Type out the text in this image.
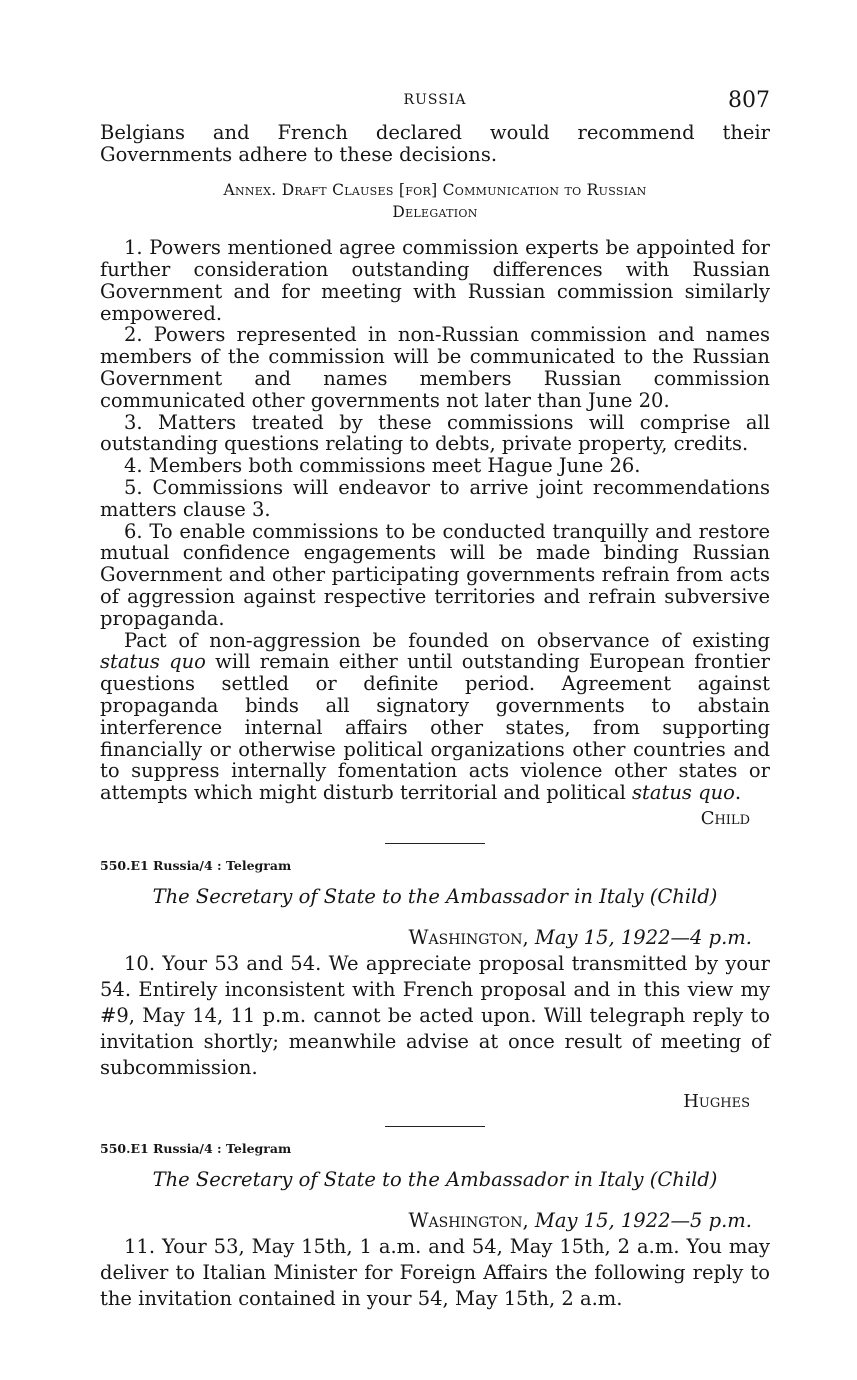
RUSSIA	807

Belgians and French declared would recommend their Governments adhere to these decisions.

Annex. Draft Clauses [for] Communication to Russian
Delegation

1. Powers mentioned agree commission experts be appointed for further consideration outstanding differences with Russian Government and for meeting with Russian commission similarly empowered.

2. Powers represented in non-Russian commission and names members of the commission will be communicated to the Russian Government and names members Russian commission communicated other governments not later than June 20.

3. Matters treated by these commissions will comprise all outstanding questions relating to debts, private property, credits.

4. Members both commissions meet Hague June 26.

5. Commissions will endeavor to arrive joint recommendations matters clause 3.

6. To enable commissions to be conducted tranquilly and restore mutual confidence engagements will be made binding Russian Government and other participating governments refrain from acts of aggression against respective territories and refrain subversive propaganda.

Pact of non-aggression be founded on observance of existing status quo will remain either until outstanding European frontier questions settled or definite period. Agreement against propaganda binds all signatory governments to abstain interference internal affairs other states, from supporting financially or otherwise political organizations other countries and to suppress internally fomentation acts violence other states or attempts which might disturb territorial and political status quo.

Child
550.E1 Russia/4 : Telegram
The Secretary of State to the Ambassador in Italy (Child)
Washington, May 15, 1922—4 p.m.

10. Your 53 and 54. We appreciate proposal transmitted by your 54. Entirely inconsistent with French proposal and in this view my #9, May 14, 11 p.m. cannot be acted upon. Will telegraph reply to invitation shortly; meanwhile advise at once result of meeting of subcommission.

Hughes
550.E1 Russia/4 : Telegram
The Secretary of State to the Ambassador in Italy (Child)
Washington, May 15, 1922—5 p.m.

11. Your 53, May 15th, 1 a.m. and 54, May 15th, 2 a.m. You may deliver to Italian Minister for Foreign Affairs the following reply to the invitation contained in your 54, May 15th, 2 a.m.
